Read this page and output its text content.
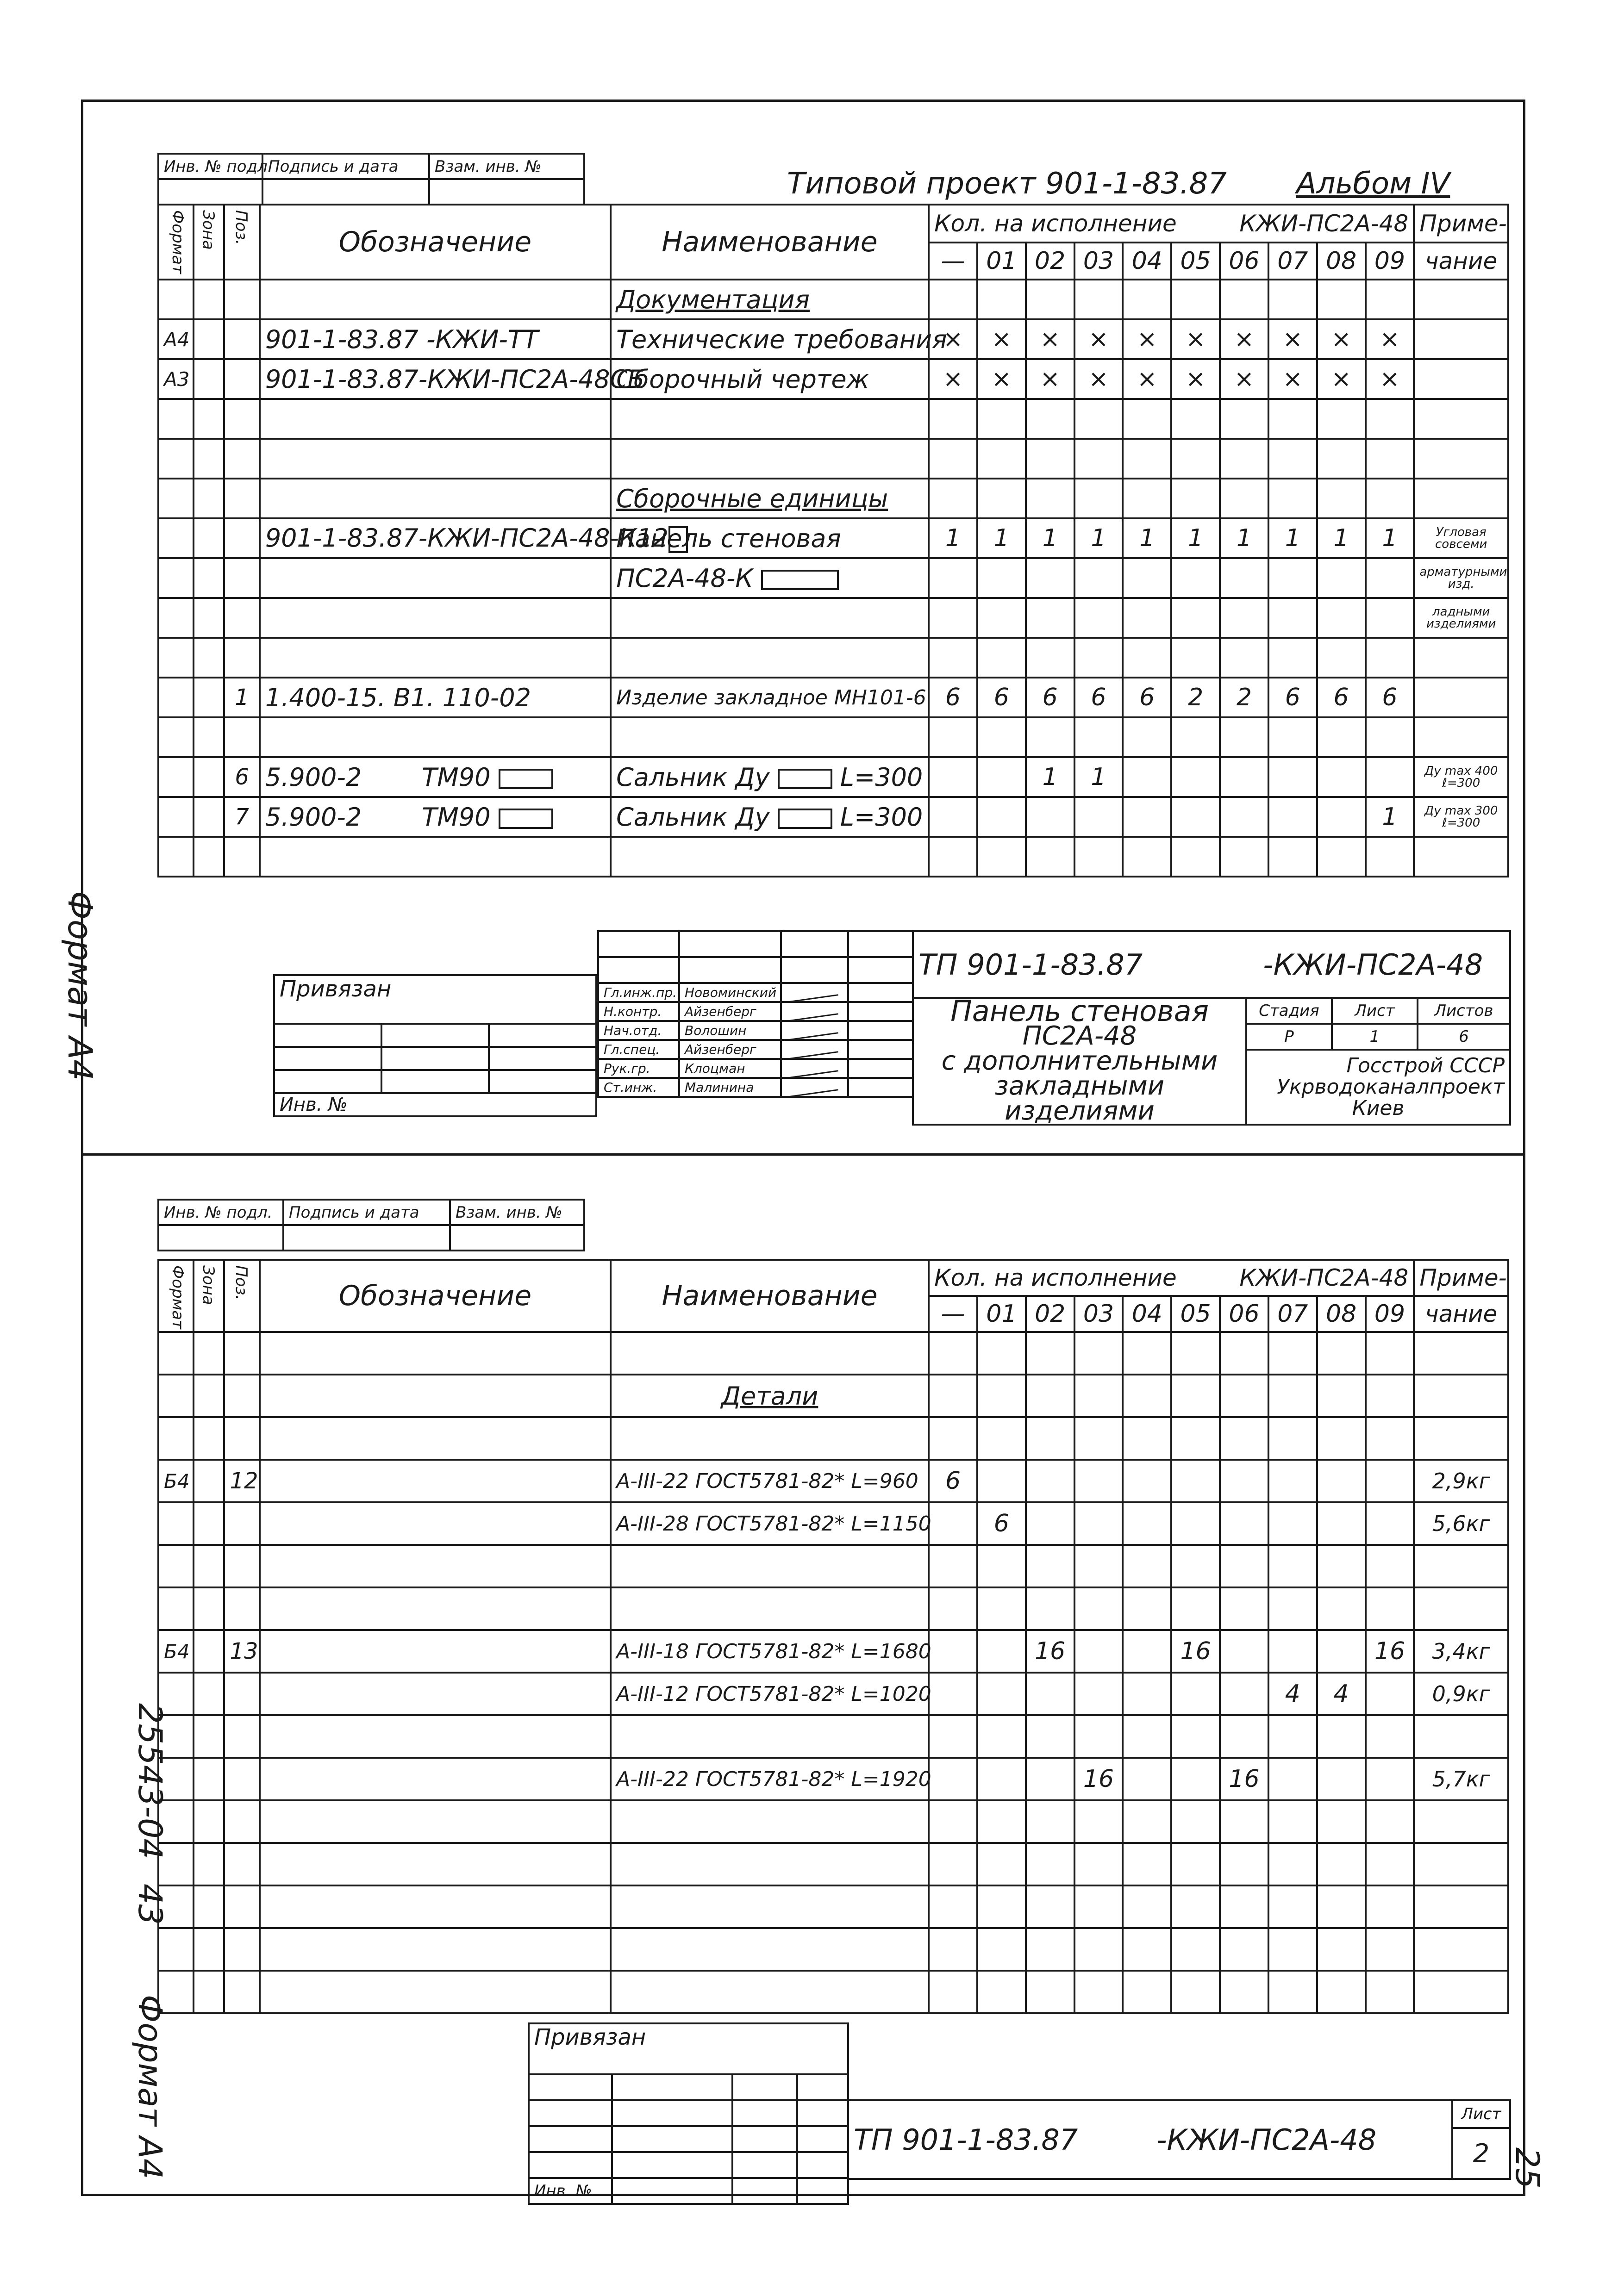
Формат А4
25543-04
43
Формат А4	25
Инв. № подл.	Подпись и дата	Взам. инв. №

Типовой проект 901-1-83.87 Альбом IV
Формат	Зона	Поз.	Обозначение	Наименование	Кол. на исполнение КЖИ-ПС2А-48										Приме-
					—	01	02	03	04	05	06	07	08	09	чание
				Документация											
А4			901-1-83.87 -КЖИ-ТТ	Технические требования	×	×	×	×	×	×	×	×	×	×	
А3			901-1-83.87-КЖИ-ПС2А-48СБ	Сборочный чертеж	×	×	×	×	×	×	×	×	×	×	

				Сборочные единицы											
			901-1-83.87-КЖИ-ПС2А-48-К12	Панель стеновая	1	1	1	1	1	1	1	1	1	1	Угловая совсеми
				ПС2А-48-К											арматурными изд.
															ладными изделиями

		1	1.400-15. В1. 110-02	Изделие закладное МН101-6	6	6	6	6	6	2	2	6	6	6	

		6	5.900-2 ТМ90	Сальник Ду L=300			1	1							Ду max 400 ℓ=300
		7	5.900-2 ТМ90	Сальник Ду L=300										1	Ду max 300 ℓ=300

Привязан		

Инв. №		

Гл.инж.пр.	Новоминский		
Н.контр.	Айзенберг		
Нач.отд.	Волошин		
Гл.спец.	Айзенберг		
Рук.гр.	Клоцман		
Ст.инж.	Малинина		
ТП 901-1-83.87 -КЖИ-ПС2А-48			

Панель стеновая
ПС2А-48
с дополнительными
закладными изделиями	Стадия	Лист	Листов
	Р	1	6

	Госстрой СССР
Укрводоканалпроект
Киев		

Инв. № подл.	Подпись и дата	Взам. инв. №

Формат	Зона	Поз.	Обозначение	Наименование	Кол. на исполнение КЖИ-ПС2А-48										Приме-
					—	01	02	03	04	05	06	07	08	09	чание

				Детали											

Б4		12		А-III-22 ГОСТ5781-82* L=960	6										2,9кг
				А-III-28 ГОСТ5781-82* L=1150		6									5,6кг

Б4		13		А-III-18 ГОСТ5781-82* L=1680			16			16				16	3,4кг
				А-III-12 ГОСТ5781-82* L=1020								4	4		0,9кг

				А-III-22 ГОСТ5781-82* L=1920				16			16				5,7кг

Привязан			

Инв. №			
ТП 901-1-83.87	-КЖИ-ПС2А-48
	Лист
2
